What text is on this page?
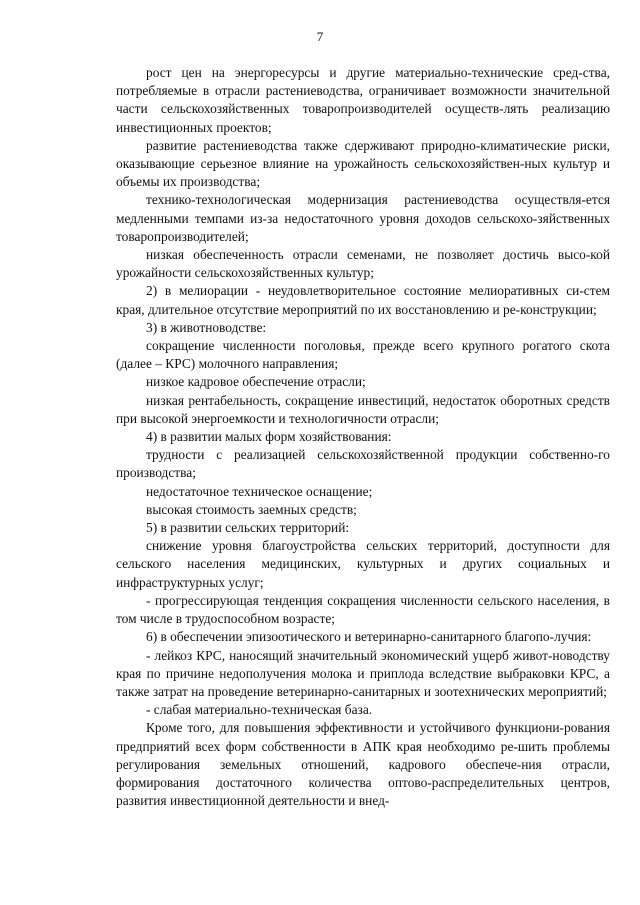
7

рост цен на энергоресурсы и другие материально-технические сред-ства, потребляемые в отрасли растениеводства, ограничивает возможности значительной части сельскохозяйственных товаропроизводителей осуществ-лять реализацию инвестиционных проектов;

развитие растениеводства также сдерживают природно-климатические риски, оказывающие серьезное влияние на урожайность сельскохозяйствен-ных культур и объемы их производства;

технико-технологическая модернизация растениеводства осуществля-ется медленными темпами из-за недостаточного уровня доходов сельскохо-зяйственных товаропроизводителей;

низкая обеспеченность отрасли семенами, не позволяет достичь высо-кой урожайности сельскохозяйственных культур;

2) в мелиорации - неудовлетворительное состояние мелиоративных си-стем края, длительное отсутствие мероприятий по их восстановлению и ре-конструкции;

3) в животноводстве:

сокращение численности поголовья, прежде всего крупного рогатого скота (далее – КРС) молочного направления;

низкое кадровое обеспечение отрасли;

низкая рентабельность, сокращение инвестиций, недостаток оборотных средств при высокой энергоемкости и технологичности отрасли;

4) в развитии малых форм хозяйствования:

трудности с реализацией сельскохозяйственной продукции собственно-го производства;

недостаточное техническое оснащение;

высокая стоимость заемных средств;

5) в развитии сельских территорий:

снижение уровня благоустройства сельских территорий, доступности для сельского населения медицинских, культурных и других социальных и инфраструктурных услуг;

- прогрессирующая тенденция сокращения численности сельского населения, в том числе в трудоспособном возрасте;

6) в обеспечении эпизоотического и ветеринарно-санитарного благопо-лучия:

- лейкоз КРС, наносящий значительный экономический ущерб живот-новодству края по причине недополучения молока и приплода вследствие выбраковки КРС, а также затрат на проведение ветеринарно-санитарных и зоотехнических мероприятий;

- слабая материально-техническая база.

Кроме того, для повышения эффективности и устойчивого функциони-рования предприятий всех форм собственности в АПК края необходимо ре-шить проблемы регулирования земельных отношений, кадрового обеспече-ния отрасли, формирования достаточного количества оптово-распределительных центров, развития инвестиционной деятельности и внед-
